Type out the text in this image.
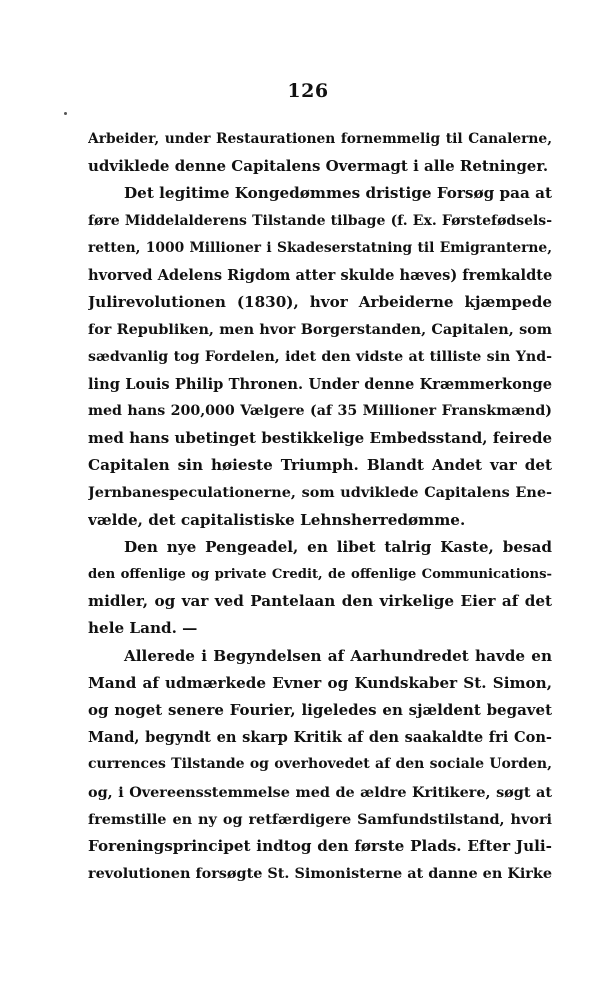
126
Arbeider, under Restaurationen fornemmelig til Canalerne,
udviklede denne Capitalens Overmagt i alle Retninger.
Det legitime Kongedømmes dristige Forsøg paa at
føre Middelalderens Tilstande tilbage (f. Ex. Førstefødsels-
retten, 1000 Millioner i Skadeserstatning til Emigranterne,
hvorved Adelens Rigdom atter skulde hæves) fremkaldte
Julirevolutionen (1830), hvor Arbeiderne kjæmpede
for Republiken, men hvor Borgerstanden, Capitalen, som
sædvanlig tog Fordelen, idet den vidste at tilliste sin Ynd-
ling Louis Philip Thronen. Under denne Kræmmerkonge
med hans 200,000 Vælgere (af 35 Millioner Franskmænd)
med hans ubetinget bestikkelige Embedsstand, feirede
Capitalen sin høieste Triumph. Blandt Andet var det
Jernbanespeculationerne, som udviklede Capitalens Ene-
vælde, det capitalistiske Lehnsherredømme.
Den nye Pengeadel, en libet talrig Kaste, besad
den offenlige og private Credit, de offenlige Communications-
midler, og var ved Pantelaan den virkelige Eier af det
hele Land. —
Allerede i Begyndelsen af Aarhundredet havde en
Mand af udmærkede Evner og Kundskaber St. Simon,
og noget senere Fourier, ligeledes en sjældent begavet
Mand, begyndt en skarp Kritik af den saakaldte fri Con-
currences Tilstande og overhovedet af den sociale Uorden,
og, i Overeensstemmelse med de ældre Kritikere, søgt at
fremstille en ny og retfærdigere Samfundstilstand, hvori
Foreningsprincipet indtog den første Plads. Efter Juli-
revolutionen forsøgte St. Simonisterne at danne en Kirke
